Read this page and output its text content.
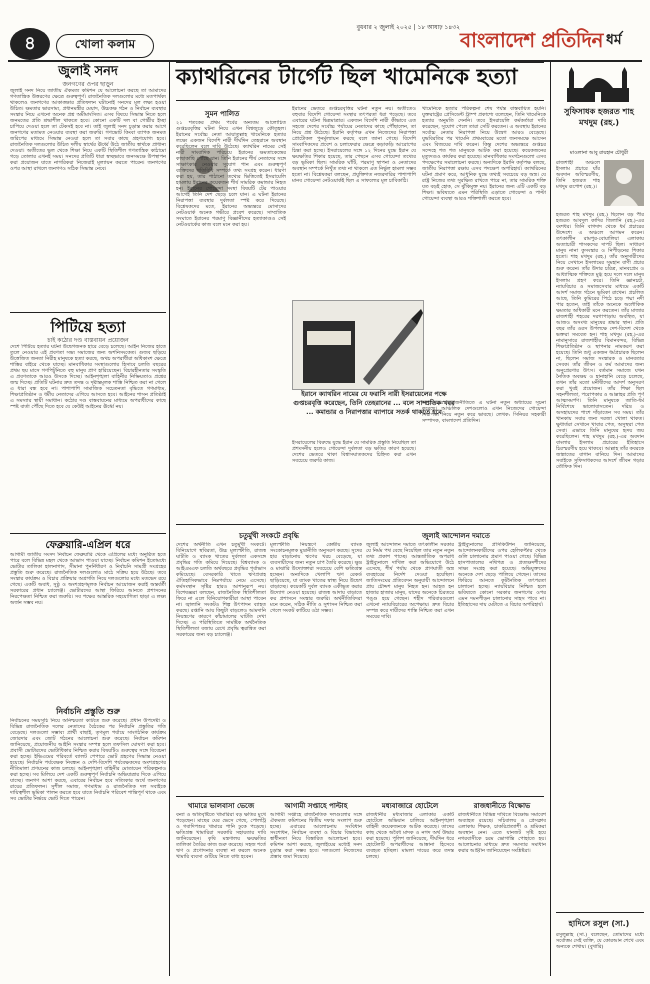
৪	খোলা কলাম
বুধবার ২ জুলাই ২০২৫ | ১৮ আষাঢ় ১৪৩২
বাংলাদেশ প্রতিদিন ধর্ম
জুলাই সনদ
জনগণের ওপর ছাড়ুন
জুলাই সনদ নিয়ে জাতীয় ঐকমত্য কমিশন যে আলোচনা করছে তা আমাদের গণতান্ত্রিক উত্তরণের ক্ষেত্রে গুরুত্বপূর্ণ। রাজনৈতিক দলগুলোর মধ্যে মতপার্থক্য থাকলেও জনগণের আকাঙ্ক্ষার প্রতিফলন ঘটানোই সনদের মূল লক্ষ্য হওয়া উচিত। ক্ষমতার ভারসাম্য, প্রধানমন্ত্রীর মেয়াদ, উচ্চকক্ষ গঠন ও নির্বাচন ব্যবস্থার সংস্কার নিয়ে এখনো অনেক প্রশ্ন অমীমাংসিত। এসব বিষয়ে সিদ্ধান্ত নিতে হলে জনমতের প্রতি শ্রদ্ধাশীল থাকতে হবে। কোনো একটি দল বা গোষ্ঠীর ইচ্ছা চাপিয়ে দেওয়া হলে তা টেকসই হবে না। তাই জুলাই সনদ চূড়ান্ত করার আগে জনগণের মতামত নেওয়ার ব্যবস্থা করা জরুরি। গণভোট কিংবা ব্যাপক জনমত জরিপের মাধ্যমে সিদ্ধান্ত নেওয়া হলে তা সবার কাছে গ্রহণযোগ্য হবে। রাজনৈতিক দলগুলোর উচিত দলীয় স্বার্থের ঊর্ধ্বে উঠে জাতীয় স্বার্থকে প্রাধান্য দেওয়া। অতীতের ভুল থেকে শিক্ষা নিয়ে একটি স্থিতিশীল গণতান্ত্রিক কাঠামো গড়ে তোলার এখনই সময়। সনদের প্রতিটি ধারা স্বচ্ছভাবে জনসমক্ষে উপস্থাপন করা প্রয়োজন যাতে নাগরিকরা নিজেরাই মূল্যায়ন করতে পারেন। জনগণের ওপর আস্থা রাখলে জনগণও সঠিক সিদ্ধান্ত নেবে।
পিটিয়ে হত্যা
চাই কঠোর দণ্ড বাস্তবায়ন প্রয়োজন
দেশে পিটিয়ে হত্যার ঘটনা উদ্বেগজনক হারে বেড়ে চলেছে। আইন নিজের হাতে তুলে নেওয়ার এই প্রবণতা সভ্য সমাজের জন্য অশনিসংকেত। গুজব ছড়িয়ে উত্তেজিত জনতা নিরীহ মানুষকে হত্যা করছে, অথচ অপরাধীরা অধিকাংশ ক্ষেত্রে শাস্তির বাইরে থেকে যাচ্ছে। মানবাধিকার সংস্থাগুলোর হিসাবে চলতি বছরের প্রথম ছয় মাসে গণপিটুনিতে বহু মানুষ প্রাণ হারিয়েছেন। বিচারহীনতার সংস্কৃতি এ প্রবণতাকে আরও উসকে দিচ্ছে। আইনশৃঙ্খলা বাহিনীর নিষ্ক্রিয়তাও প্রশ্নের জন্ম দিচ্ছে। প্রতিটি ঘটনার দ্রুত তদন্ত ও দৃষ্টান্তমূলক শাস্তি নিশ্চিত করা না গেলে এ ধারা বন্ধ হবে না। পাশাপাশি সামাজিক সচেতনতা বৃদ্ধিতে গণমাধ্যম, শিক্ষাপ্রতিষ্ঠান ও ধর্মীয় নেতাদের এগিয়ে আসতে হবে। আইনের শাসন প্রতিষ্ঠাই এ সমস্যার স্থায়ী সমাধান। কঠোর দণ্ড বাস্তবায়নের মাধ্যমে অপরাধীদের কাছে স্পষ্ট বার্তা পৌঁছে দিতে হবে যে কেউই আইনের ঊর্ধ্বে নয়।
ফেব্রুয়ারি-এপ্রিল ধরে
আগামী জাতীয় সংসদ নির্বাচন ফেব্রুয়ারি থেকে এপ্রিলের মধ্যে অনুষ্ঠিত হতে পারে বলে বিভিন্ন মহল থেকে আভাস পাওয়া যাচ্ছে। নির্বাচন কমিশন ইতোমধ্যে ভোটার তালিকা হালনাগাদ, সীমানা পুনর্নির্ধারণ ও নির্বাচনি সামগ্রী সংগ্রহের প্রস্তুতি শুরু করেছে। রাজনৈতিক দলগুলোও মাঠে সক্রিয় হয়ে উঠছে। তবে সংস্কার কার্যক্রম ও বিচার প্রক্রিয়ার অগ্রগতি নিয়ে দলগুলোর মধ্যে মতভেদ রয়ে গেছে। একটি অবাধ, সুষ্ঠু ও অংশগ্রহণমূলক নির্বাচন আয়োজন করাই অন্তর্বর্তী সরকারের প্রধান চ্যালেঞ্জ। ভোটারদের আস্থা ফিরিয়ে আনতে প্রশাসনের নিরপেক্ষতা নিশ্চিত করা জরুরি। সব পক্ষের আন্তরিক সহযোগিতা ছাড়া এ লক্ষ্য অর্জন সম্ভব নয়।
নির্বাচনি প্রস্তুতি শুরু
নির্বাচনের সময়সূচি নিয়ে অনিশ্চয়তা কাটতে শুরু করেছে। প্রধান উপদেষ্টা ও বিভিন্ন রাজনৈতিক দলের নেতাদের বৈঠকের পর নির্বাচনি প্রস্তুতির গতি বেড়েছে। দলগুলো সম্ভাব্য প্রার্থী বাছাই, তৃণমূল পর্যায়ে সাংগঠনিক কার্যক্রম জোরদার এবং জোট গঠনের আলোচনা শুরু করেছে। নির্বাচন কমিশন জানিয়েছে, প্রয়োজনীয় আইনি সংস্কার সম্পন্ন হলে তফসিল ঘোষণা করা হবে। প্রবাসী ভোটারদের ভোটাধিকার নিশ্চিত করার বিষয়টিও গুরুত্বের সঙ্গে বিবেচনা করা হচ্ছে। ইভিএমের পরিবর্তে ব্যালট পেপারে ভোট গ্রহণের সিদ্ধান্ত নেওয়া হয়েছে। নির্বাচনি পর্যবেক্ষক নিবন্ধন ও দেশি-বিদেশি পর্যবেক্ষকদের অংশগ্রহণের নীতিমালা প্রণয়নের কাজ চলছে। আইনশৃঙ্খলা বাহিনীর মোতায়েন পরিকল্পনাও করা হচ্ছে। সব মিলিয়ে দেশ একটি গুরুত্বপূর্ণ নির্বাচনি অভিযাত্রার দিকে এগিয়ে যাচ্ছে। জনগণ আশা করছে, এবারের নির্বাচন হবে সত্যিকার অর্থে জনগণের রায়ের প্রতিফলন। সুশীল সমাজ, গণমাধ্যম ও রাজনৈতিক দল সবাইকে দায়িত্বশীল ভূমিকা পালন করতে হবে যাতে নির্বাচনি পরিবেশ শান্তিপূর্ণ থাকে এবং সব ভোটার নির্ভয়ে ভোট দিতে পারেন।
ক্যাথরিনের টার্গেট ছিল খামেনিকে হত্যা
সুমন পালিত
২১ শতকের প্রথম পর্বের অন্যতম আলোচিত গুপ্তচরবৃত্তির ঘটনা নিয়ে এখন বিশ্বজুড়ে কৌতূহল। ইরানের সর্বোচ্চ নেতা আয়াতুল্লাহ খামেনিকে হত্যার লক্ষ্যে একজন বিদেশি নারী দীর্ঘদিন তেহরানে অবস্থান করেছিলেন বলে দাবি উঠেছে। ক্যাথরিন নামের সেই নারী সাংবাদিক পরিচয়ে ইরানের ক্ষমতাকেন্দ্রের কাছাকাছি পৌঁছে যান। তিনি ইরানের শীর্ষ নেতাদের সঙ্গে সাক্ষাৎকার নেওয়ার সুযোগ পান এবং গুরুত্বপূর্ণ ব্যক্তিদের গতিবিধি সম্পর্কে তথ্য সংগ্রহ করেন। ধারণা করা হয়, তার পাঠানো তথ্যের ভিত্তিতেই ইসরায়েলি হামলায় ইরানের কয়েকজন শীর্ষ সামরিক কমান্ডার নিহত হন। ইরানের গোয়েন্দা সংস্থা বিষয়টি টের পাওয়ার আগেই তিনি দেশ ছেড়ে চলে যান। এ ঘটনা ইরানের নিরাপত্তা ব্যবস্থার দুর্বলতা স্পষ্ট করে দিয়েছে। বিশ্লেষকদের মতে, ইরানের অভ্যন্তরে মোসাদের নেটওয়ার্ক অনেক গভীরে প্রবেশ করেছে। সাম্প্রতিক সংঘাতে ইরানের পরমাণু বিজ্ঞানীদের হত্যাকাণ্ডও সেই নেটওয়ার্কের কাজ বলে মনে করা হয়।
ইরানের ভেতরে গুপ্তচরবৃত্তির ঘটনা নতুন নয়। অতীতেও বহুবার বিদেশি গোয়েন্দা সংস্থার তৎপরতা ধরা পড়েছে। তবে এবারের ঘটনা ভিন্নমাত্রার। একজন বিদেশি নারী কীভাবে এত সহজে দেশের সর্বোচ্চ পর্যায়ের নেতাদের কাছে পৌঁছালেন, তা নিয়ে প্রশ্ন উঠেছে। ইরানি কর্তৃপক্ষ এখন নিজেদের নিরাপত্তা প্রোটোকল পুনর্মূল্যায়ন করছে বলে জানা গেছে। বিদেশি সাংবাদিকদের প্রবেশ ও চলাফেরার ক্ষেত্রে কড়াকড়ি আরোপের চিন্তা করা হচ্ছে। ইসরায়েলের সঙ্গে ১২ দিনের যুদ্ধে ইরান যে ক্ষয়ক্ষতির শিকার হয়েছে, তার পেছনে এসব গোয়েন্দা তথ্যের বড় ভূমিকা ছিল। সামরিক ঘাঁটি, পরমাণু স্থাপনা ও নেতাদের অবস্থান সম্পর্কে নিখুঁত তথ্য না থাকলে এত নির্ভুল হামলা সম্ভব হতো না। বিশ্লেষকরা বলছেন, প্রযুক্তিগত নজরদারির পাশাপাশি মানব গোয়েন্দা নেটওয়ার্কই ছিল এ সাফল্যের মূল চাবিকাঠি।
খামেনিকে হত্যার পরিকল্পনা শেষ পর্যন্ত বাস্তবায়িত হয়নি। যুক্তরাষ্ট্রের প্রেসিডেন্ট ট্রাম্প প্রকাশ্যে বলেছেন, তিনি খামেনিকে হত্যার অনুমতি দেননি। তবে ইসরায়েলি কর্মকর্তারা দাবি করেছেন, সুযোগ পেলে তারা সেটি করতেন। এ অবস্থায় ইরানের সর্বোচ্চ নেতার নিরাপত্তা নিয়ে উদ্বেগ আরও বেড়েছে। যুদ্ধবিরতির পর খামেনি প্রথমবারের মতো জনসমক্ষে আসেন এবং বিজয়ের দাবি করেন। কিন্তু দেশের অভ্যন্তরে গুপ্তচর সন্দেহে শত শত মানুষকে আটক করা হয়েছে। কয়েকজনের মৃত্যুদণ্ডও কার্যকর করা হয়েছে। মানবাধিকার সংগঠনগুলো এসব পদক্ষেপের সমালোচনা করছে। অন্যদিকে ইরানি কর্তৃপক্ষ বলছে, জাতীয় নিরাপত্তা রক্ষায় এসব পদক্ষেপ অপরিহার্য। ক্যাথরিনের ঘটনা প্রমাণ করে, আধুনিক যুদ্ধে তথ্যই সবচেয়ে বড় অস্ত্র। যে রাষ্ট্র নিজের তথ্য সুরক্ষিত রাখতে পারে না, তার সামরিক শক্তি যত বড়ই হোক, সে ঝুঁকিমুক্ত নয়। ইরানের জন্য এটি একটি বড় শিক্ষা। ভবিষ্যতে এমন পরিস্থিতি এড়াতে গোয়েন্দা ও পাল্টা গোয়েন্দা ব্যবস্থা আরও শক্তিশালী করতে হবে।
ইরানে ক্যাথরিন নামের যে ফরাসি নারী ইসরায়েলের পক্ষে গুপ্তচরবৃত্তি করেছেন, তিনি তেহরানের ... বলে সাম্প্রতিক খবর ... কমান্ডার ও নিরাপত্তার ব্যাপারে সতর্ক থাকতে হবে
ইসরায়েলের বিরুদ্ধে যুদ্ধে ইরান যে সামরিক প্রস্তুতি নিয়েছিল তা প্রশংসনীয় হলেও গোয়েন্দা দুর্বলতা বড় ক্ষতির কারণ হয়েছে। দেশের ভেতরে থাকা বিশ্বাসঘাতকদের চিহ্নিত করা এখন সবচেয়ে জরুরি কাজ।
মধ্যপ্রাচ্যের ভূরাজনীতিতে এ ঘটনা নতুন অধ্যায়ের সূচনা করেছে। আঞ্চলিক দেশগুলোও এখন নিজেদের গোয়েন্দা নিরাপত্তা নিয়ে নতুন করে ভাবছে। লেখক: সিনিয়র সহকারী সম্পাদক, বাংলাদেশ প্রতিদিন।
চতুর্মুখী সংকটে প্রবৃদ্ধি	জুলাই আন্দোলন দমাতে
দেশের অর্থনীতি এখন চতুর্মুখী সংকটে। বিনিয়োগে স্থবিরতা, উচ্চ মূল্যস্ফীতি, রাজস্ব ঘাটতি ও ব্যাংক খাতের দুর্বলতা একসঙ্গে প্রবৃদ্ধির গতি কমিয়ে দিয়েছে। বিশ্বব্যাংক ও আইএমএফ চলতি অর্থবছরে প্রবৃদ্ধির পূর্বাভাস কমিয়েছে। বেসরকারি খাতে ঋণপ্রবাহ ঐতিহাসিকভাবে নিম্নপর্যায়ে নেমে এসেছে। কর্মসংস্থান সৃষ্টির হারও আশানুরূপ নয়। বিশেষজ্ঞরা বলছেন, রাজনৈতিক স্থিতিশীলতা ফিরে না এলে বিনিয়োগকারীরা আস্থা পাবেন না। জ্বালানি সংকটও শিল্প উৎপাদন ব্যাহত করছে। রপ্তানি আয় কিছুটা বাড়লেও আমদানি নিয়ন্ত্রণের কারণে কাঁচামালের ঘাটতি দেখা দিচ্ছে। এ পরিস্থিতিতে সামষ্টিক অর্থনৈতিক স্থিতিশীলতা বজায় রেখে প্রবৃদ্ধি ত্বরান্বিত করা সরকারের জন্য বড় চ্যালেঞ্জ।
মূল্যস্ফীতি নিয়ন্ত্রণে কেন্দ্রীয় ব্যাংক সংকোচনমূলক মুদ্রানীতি অনুসরণ করছে। সুদের হার বাড়ানোয় ঋণের খরচ বেড়েছে, যা ব্যবসায়ীদের জন্য নতুন চাপ তৈরি করেছে। ক্ষুদ্র ও মাঝারি উদ্যোক্তারা সবচেয়ে বেশি ক্ষতিগ্রস্ত হচ্ছেন। অন্যদিকে খেলাপি ঋণ রেকর্ড ছাড়িয়েছে, যা ব্যাংক খাতের স্বাস্থ্য নিয়ে উদ্বেগ বাড়াচ্ছে। কয়েকটি দুর্বল ব্যাংক একীভূত করার উদ্যোগ নেওয়া হয়েছে। রাজস্ব আদায় বাড়াতে কর প্রশাসনে সংস্কার জরুরি। অর্থনীতিবিদরা মনে করেন, সঠিক নীতি ও সুশাসন নিশ্চিত করা গেলে সংকট কাটিয়ে ওঠা সম্ভব।
জুলাই আন্দোলন দমাতে তৎকালীন সরকার যে নির্মম পথ বেছে নিয়েছিল তার নতুন নতুন তথ্য প্রকাশ পাচ্ছে। আন্তর্জাতিক অপরাধ ট্রাইব্যুনালে দাখিল করা অভিযোগে উঠে এসেছে, শীর্ষ পর্যায় থেকে প্রাণঘাতী অস্ত্র ব্যবহারের নির্দেশ দেওয়া হয়েছিল। জাতিসংঘের প্রতিবেদন অনুযায়ী আন্দোলনে প্রায় চৌদ্দশ মানুষ নিহত হন। আহত হন হাজার হাজার মানুষ, যাদের অনেকে চিরতরে পঙ্গু হয়ে গেছেন। শহীদ পরিবারগুলো এখনো ন্যায়বিচারের অপেক্ষায়। দ্রুত বিচার সম্পন্ন করে দায়ীদের শাস্তি নিশ্চিত করা এখন সময়ের দাবি।
ট্রাইব্যুনালের প্রসিকিউশন জানিয়েছে, আন্দোলনকারীদের ওপর হেলিকপ্টার থেকে গুলি চালানোর প্রমাণ পাওয়া গেছে। বিভিন্ন হাসপাতালের নথিপত্র ও প্রত্যক্ষদর্শীদের সাক্ষ্য সংগ্রহ করা হয়েছে। অভিযুক্তদের অনেকে দেশ ছেড়ে পালিয়ে গেছেন। তাদের ফিরিয়ে আনতে কূটনৈতিক তৎপরতা চালানো হচ্ছে। ন্যায়বিচার নিশ্চিত হলে ভবিষ্যতে কোনো সরকার জনগণের ওপর এমন দমনপীড়ন চালানোর সাহস পাবে না। ইতিহাসের দায় মেটাতে এ বিচার অপরিহার্য।
খামারে ভালবাসা ভেজে	আগামী সপ্তাহে পাল্টাহ	মধ্যবাজারে হোটেলে	রাজধানীতে বিক্ষোভ
বন্যা ও অতিবৃষ্টিতে খামারিরা বড় ক্ষতির মুখে পড়েছেন। মাছের ঘের ভেসে গেছে, পোলট্রি ও গবাদিপশুর খামারে পানি ঢুকে পড়েছে। ক্ষতিগ্রস্ত খামারিরা সরকারি সহায়তার দাবি জানিয়েছেন। কৃষি মন্ত্রণালয় ক্ষয়ক্ষতির তালিকা তৈরির কাজ শুরু করেছে। সহজ শর্তে ঋণ ও প্রণোদনার ব্যবস্থা না করলে অনেক খামারি ব্যবসা গুটিয়ে নিতে বাধ্য হবেন।
আগামী সপ্তাহে রাজনৈতিক দলগুলোর সঙ্গে ঐকমত্য কমিশনের দ্বিতীয় দফার সংলাপ শুরু হচ্ছে। এবারের আলোচনায় সংবিধান সংশোধন, নির্বাচন ব্যবস্থা ও বিচার বিভাগের স্বাধীনতা নিয়ে বিস্তারিত আলোচনা হবে। কমিশন আশা করছে, জুলাইয়ের মধ্যেই সনদ চূড়ান্ত করা সম্ভব হবে। দলগুলো নিজেদের প্রস্তাব জমা দিয়েছে।
রাজধানীর মধ্যবাজার এলাকার একটি হোটেলে অভিযান চালিয়ে আইনশৃঙ্খলা বাহিনী কয়েকজনকে আটক করেছে। তাদের কাছ থেকে অবৈধ মাদক ও নগদ অর্থ উদ্ধার করা হয়েছে। পুলিশ জানিয়েছে, দীর্ঘদিন ধরে হোটেলটি অপরাধীদের আস্তানা হিসেবে ব্যবহৃত হচ্ছিল। মামলা দায়ের করে তদন্ত চলছে।
রাজধানীতে বিভিন্ন দাবিতে বিক্ষোভ সমাবেশ অব্যাহত রয়েছে। সচিবালয় ও প্রেসক্লাব এলাকায় শিক্ষক, চাকরিপ্রত্যাশী ও শ্রমিকরা অবস্থান নেন। এতে যানজট সৃষ্টি হয়ে নগরবাসীকে চরম ভোগান্তি পোহাতে হয়। আলোচনার মাধ্যমে দ্রুত সমস্যার সমাধান করার আহ্বান জানিয়েছেন সংশ্লিষ্টরা।
সুফিসাধক হজরত শাহ মখদুম (রহ.)
মাওলানা আবু রায়হান চৌধুরী
রাজশাহী অঞ্চলে ইসলাম প্রচারে যাঁর অবদান অবিস্মরণীয়, তিনি হজরত শাহ মখদুম রূপোশ (রহ.)।
হজরত শাহ মখদুম (রহ.) ছিলেন বড় পীর হজরত আবদুল কাদির জিলানি (রহ.)-এর বংশধর। তিনি বাগদাদ থেকে ধর্ম প্রচারের উদ্দেশ্যে এ অঞ্চলে আগমন করেন। তৎকালীন রামপুর-বোয়ালিয়া এলাকায় অত্যাচারী শাসকদের দাপট ছিল। সাধারণ মানুষ নানা কুসংস্কার ও নিপীড়নের শিকার হতো। শাহ মখদুম (রহ.) তাঁর অনুসারীদের নিয়ে সেখানে ইসলামের সুমহান বাণী প্রচার শুরু করেন। তাঁর উদার চরিত্র, মানবপ্রেম ও আধ্যাত্মিক শক্তিতে মুগ্ধ হয়ে দলে দলে মানুষ ইসলাম গ্রহণ করে। তিনি জ্ঞানচর্চা, ন্যায়বিচার ও সমাজসেবার মাধ্যমে একটি আদর্শ সমাজ গঠনে ভূমিকা রাখেন। প্রচলিত আছে, তিনি কুমিরের পিঠে চড়ে পদ্মা নদী পার হতেন, তাই তাঁকে অনেকে অলৌকিক ক্ষমতার অধিকারী মনে করতেন। তাঁর মাজার রাজশাহী শহরের দরগাপাড়ায় অবস্থিত, যা আজও অসংখ্য মানুষের শ্রদ্ধার স্থান। প্রতি বছর তাঁর ওরস উপলক্ষে দেশ-বিদেশ থেকে ভক্তরা সমবেত হন। শাহ মখদুম (রহ.)-এর নামানুসারে রাজশাহীর বিমানবন্দর, বিভিন্ন শিক্ষাপ্রতিষ্ঠান ও স্থাপনার নামকরণ করা হয়েছে। তিনি শুধু একজন ধর্মপ্রচারক ছিলেন না, ছিলেন সমাজ সংস্কারক ও মানবতার সেবক। তাঁর জীবন ও কর্ম আমাদের জন্য অনুপ্রেরণার উৎস। বর্তমান সমাজে যখন নৈতিক অবক্ষয় ও হানাহানি বেড়ে চলেছে, তখন তাঁর মতো মনীষীদের আদর্শ অনুসরণ করা খুবই প্রয়োজন। তাঁর শিক্ষা ছিল সহনশীলতা, পরোপকার ও আল্লাহর প্রতি পূর্ণ আত্মসমর্পণ। তিনি মানুষকে জাতি-ধর্ম নির্বিশেষে ভালোবাসতেন। দরিদ্র ও অসহায়দের পাশে দাঁড়াতেন সব সময়। তাঁর খানকায় সবার জন্য দরজা খোলা থাকত। ক্ষুধার্তরা সেখানে খাবার পেত, অসুস্থরা পেত সেবা। এভাবে তিনি মানুষের হৃদয় জয় করেছিলেন। শাহ মখদুম (রহ.)-এর অবদান বাংলার ইসলাম প্রচারের ইতিহাসে চিরস্মরণীয় হয়ে থাকবে। আল্লাহ তাঁর কবরকে জান্নাতের বাগান বানিয়ে দিন। আমাদের সবাইকে সুফিসাধকদের আদর্শে জীবন গড়ার তৌফিক দিন।
হাদিসে রসুল (সা.)
রসুলুল্লাহ (সা.) বলেছেন, তোমাদের মধ্যে সর্বোত্তম সেই ব্যক্তি, যে কোরআন শেখে এবং অন্যকে শেখায়। (বুখারি)
